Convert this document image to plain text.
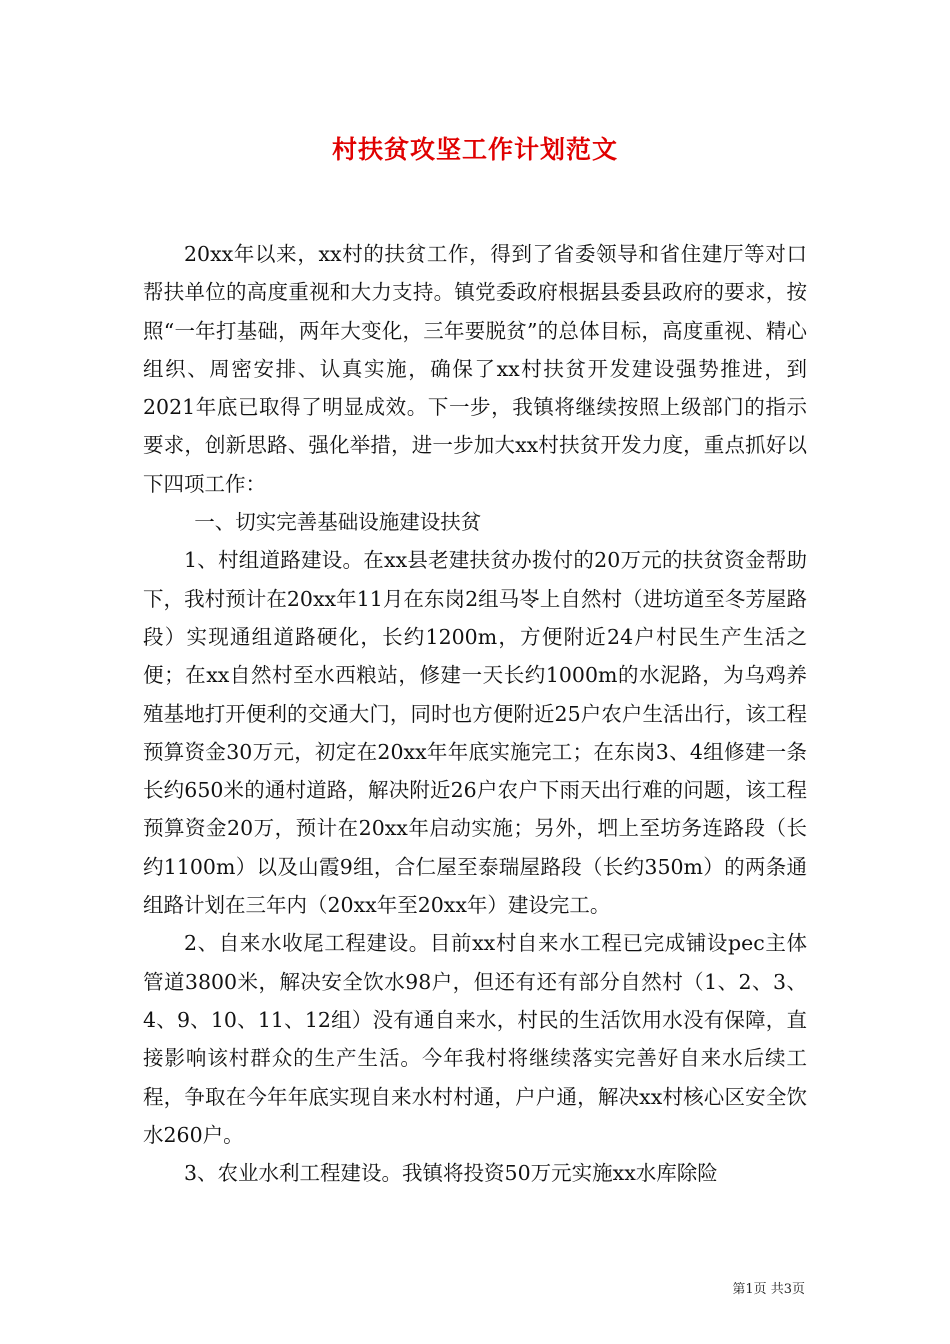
村扶贫攻坚工作计划范文

20xx年以来，xx村的扶贫工作，得到了省委领导和省住建厅等对口帮扶单位的高度重视和大力支持。镇党委政府根据县委县政府的要求，按照“一年打基础，两年大变化，三年要脱贫”的总体目标，高度重视、精心组织、周密安排、认真实施，确保了xx村扶贫开发建设强势推进，到2021年底已取得了明显成效。下一步，我镇将继续按照上级部门的指示要求，创新思路、强化举措，进一步加大xx村扶贫开发力度，重点抓好以下四项工作：

一、切实完善基础设施建设扶贫

1、村组道路建设。在xx县老建扶贫办拨付的20万元的扶贫资金帮助下，我村预计在20xx年11月在东岗2组马岺上自然村（进坊道至冬芳屋路段）实现通组道路硬化，长约1200m，方便附近24户村民生产生活之便；在xx自然村至水西粮站，修建一天长约1000m的水泥路，为乌鸡养殖基地打开便利的交通大门，同时也方便附近25户农户生活出行，该工程预算资金30万元，初定在20xx年年底实施完工；在东岗3、4组修建一条长约650米的通村道路，解决附近26户农户下雨天出行难的问题，该工程预算资金20万，预计在20xx年启动实施；另外，垇上至坊务连路段（长约1100m）以及山霞9组，合仁屋至泰瑞屋路段（长约350m）的两条通组路计划在三年内（20xx年至20xx年）建设完工。

2、自来水收尾工程建设。目前xx村自来水工程已完成铺设pec主体管道3800米，解决安全饮水98户，但还有还有部分自然村（1、2、3、4、9、10、11、12组）没有通自来水，村民的生活饮用水没有保障，直接影响该村群众的生产生活。今年我村将继续落实完善好自来水后续工程，争取在今年年底实现自来水村村通，户户通，解决xx村核心区安全饮水260户。

3、农业水利工程建设。我镇将投资50万元实施xx水库除险

第1页 共3页
